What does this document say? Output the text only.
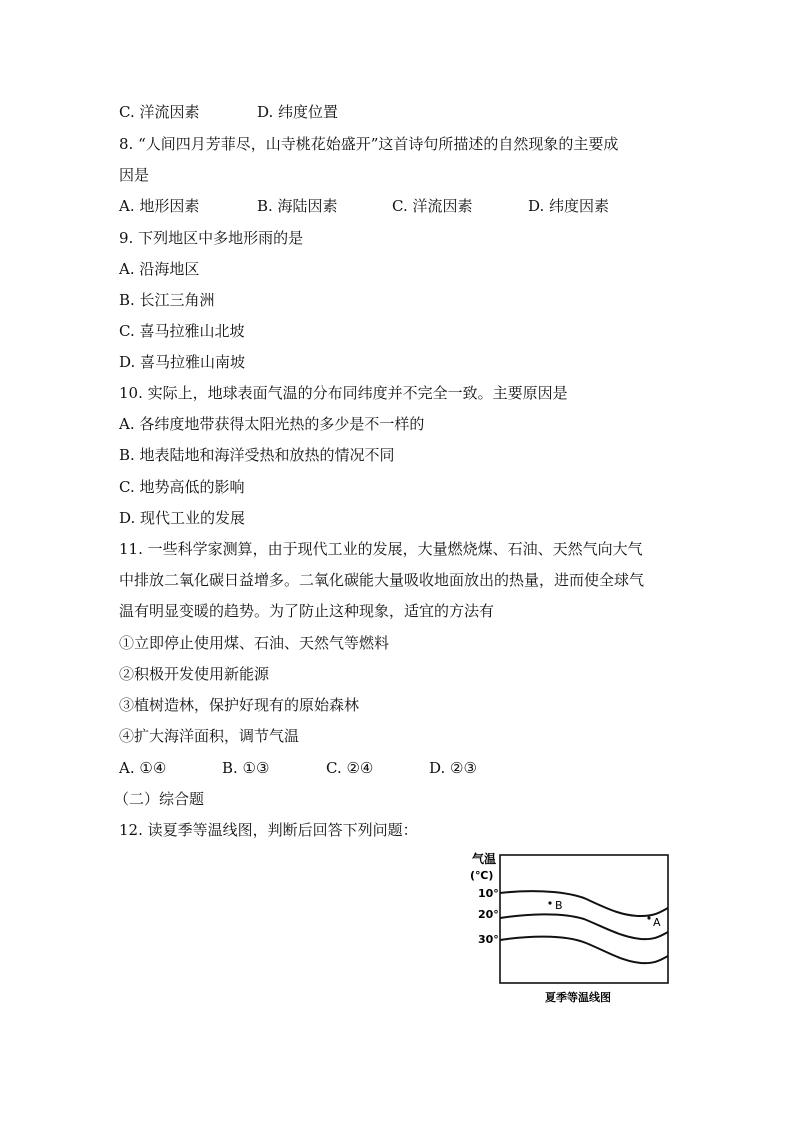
C. 洋流因素	D. 纬度位置
8. “人间四月芳菲尽，山寺桃花始盛开”这首诗句所描述的自然现象的主要成
因是
A. 地形因素	B. 海陆因素	C. 洋流因素	D. 纬度因素
9. 下列地区中多地形雨的是
A. 沿海地区
B. 长江三角洲
C. 喜马拉雅山北坡
D. 喜马拉雅山南坡
10. 实际上，地球表面气温的分布同纬度并不完全一致。主要原因是
A. 各纬度地带获得太阳光热的多少是不一样的
B. 地表陆地和海洋受热和放热的情况不同
C. 地势高低的影响
D. 现代工业的发展
11. 一些科学家测算，由于现代工业的发展，大量燃烧煤、石油、天然气向大气
中排放二氧化碳日益增多。二氧化碳能大量吸收地面放出的热量，进而使全球气
温有明显变暖的趋势。为了防止这种现象，适宜的方法有
①立即停止使用煤、石油、天然气等燃料
②积极开发使用新能源
③植树造林，保护好现有的原始森林
④扩大海洋面积，调节气温
A. ①④	B. ①③	C. ②④	D. ②③
（二）综合题
12. 读夏季等温线图，判断后回答下列问题：
气温
(℃)
10°
20°
30°
B
A
夏季等温线图
